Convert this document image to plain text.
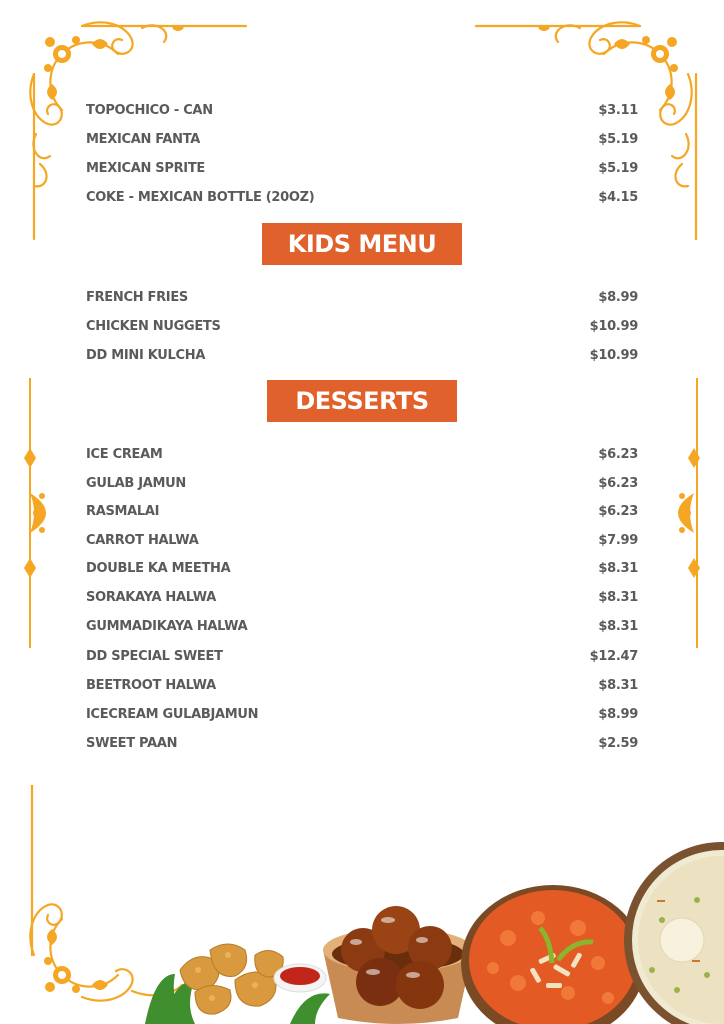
TOPOCHICO - CAN	$3.11
MEXICAN FANTA	$5.19
MEXICAN SPRITE	$5.19
COKE - MEXICAN BOTTLE (20OZ)	$4.15
KIDS MENU
FRENCH FRIES	$8.99
CHICKEN NUGGETS	$10.99
DD MINI KULCHA	$10.99
DESSERTS
ICE CREAM	$6.23
GULAB JAMUN	$6.23
RASMALAI	$6.23
CARROT HALWA	$7.99
DOUBLE KA MEETHA	$8.31
SORAKAYA HALWA	$8.31
GUMMADIKAYA HALWA	$8.31
DD SPECIAL SWEET	$12.47
BEETROOT HALWA	$8.31
ICECREAM GULABJAMUN	$8.99
SWEET PAAN	$2.59
